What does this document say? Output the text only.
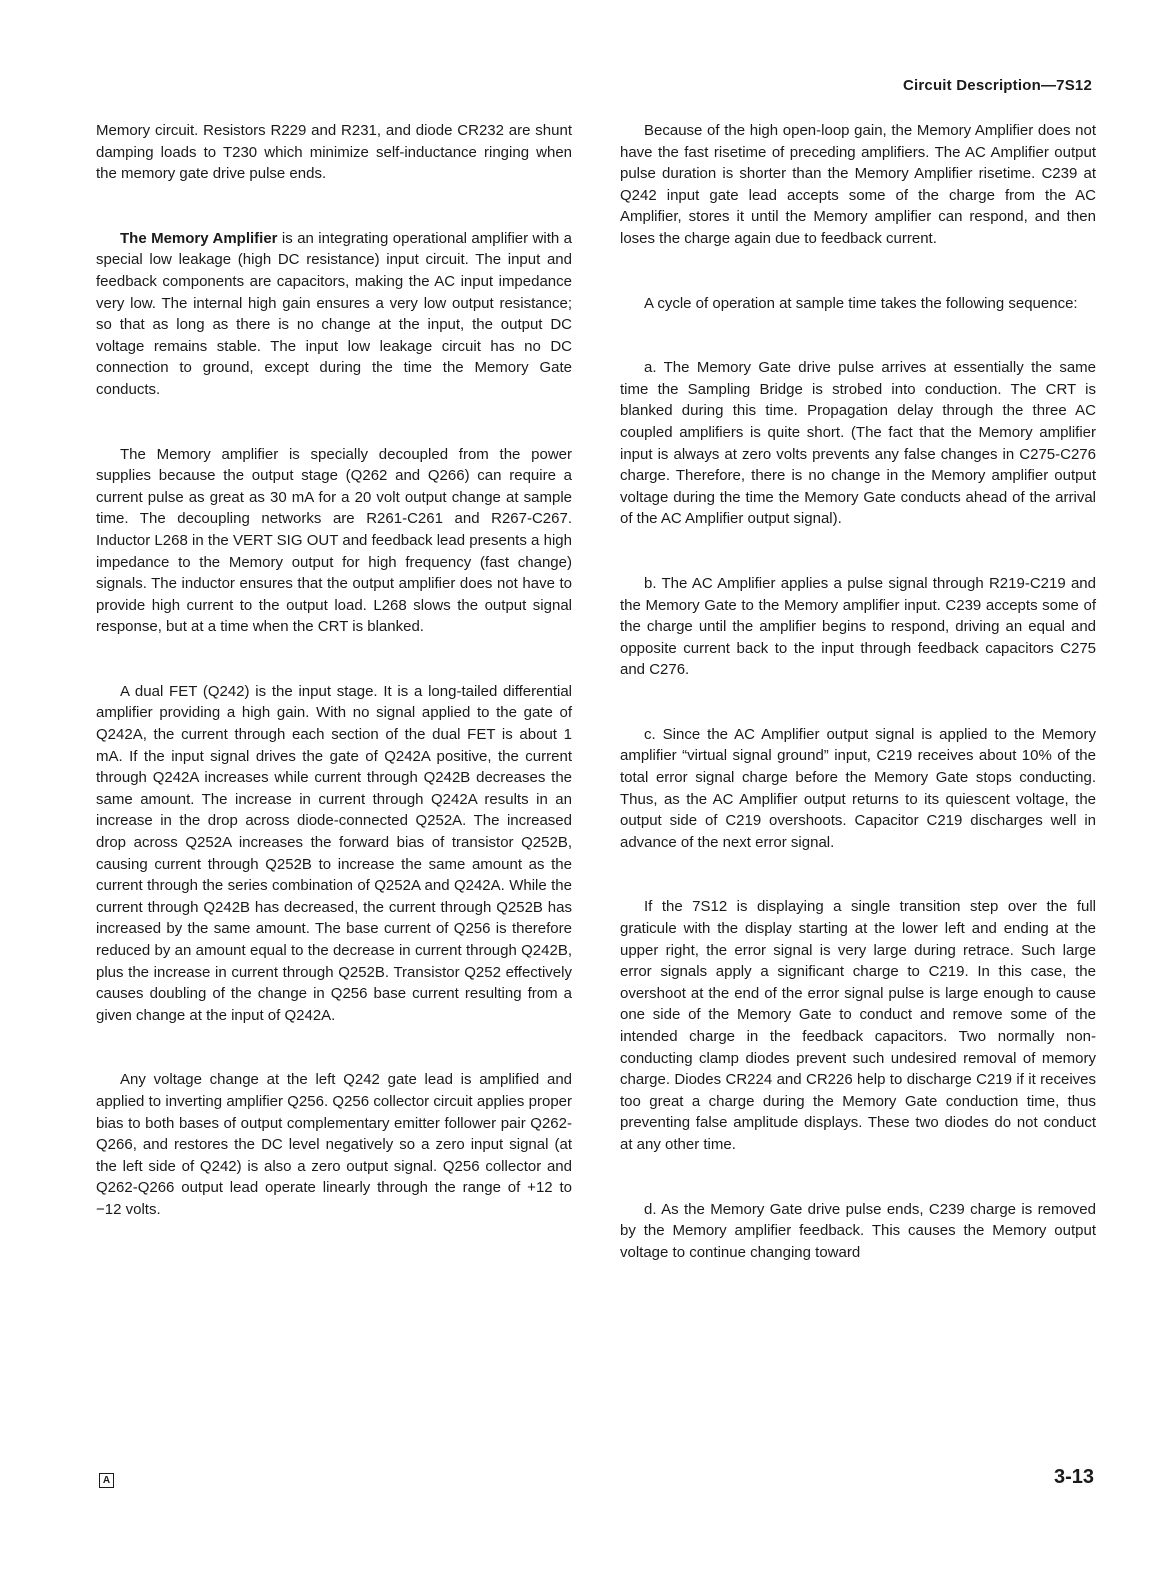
Circuit Description—7S12

Memory circuit. Resistors R229 and R231, and diode CR232 are shunt damping loads to T230 which minimize self-inductance ringing when the memory gate drive pulse ends.

The Memory Amplifier is an integrating operational amplifier with a special low leakage (high DC resistance) input circuit. The input and feedback components are capacitors, making the AC input impedance very low. The internal high gain ensures a very low output resistance; so that as long as there is no change at the input, the output DC voltage remains stable. The input low leakage circuit has no DC connection to ground, except during the time the Memory Gate conducts.

The Memory amplifier is specially decoupled from the power supplies because the output stage (Q262 and Q266) can require a current pulse as great as 30 mA for a 20 volt output change at sample time. The decoupling networks are R261-C261 and R267-C267. Inductor L268 in the VERT SIG OUT and feedback lead presents a high impedance to the Memory output for high frequency (fast change) signals. The inductor ensures that the output amplifier does not have to provide high current to the output load. L268 slows the output signal response, but at a time when the CRT is blanked.

A dual FET (Q242) is the input stage. It is a long-tailed differential amplifier providing a high gain. With no signal applied to the gate of Q242A, the current through each section of the dual FET is about 1 mA. If the input signal drives the gate of Q242A positive, the current through Q242A increases while current through Q242B decreases the same amount. The increase in current through Q242A results in an increase in the drop across diode-connected Q252A. The increased drop across Q252A increases the forward bias of transistor Q252B, causing current through Q252B to increase the same amount as the current through the series combination of Q252A and Q242A. While the current through Q242B has decreased, the current through Q252B has increased by the same amount. The base current of Q256 is therefore reduced by an amount equal to the decrease in current through Q242B, plus the increase in current through Q252B. Transistor Q252 effectively causes doubling of the change in Q256 base current resulting from a given change at the input of Q242A.

Any voltage change at the left Q242 gate lead is amplified and applied to inverting amplifier Q256. Q256 collector circuit applies proper bias to both bases of output complementary emitter follower pair Q262-Q266, and restores the DC level negatively so a zero input signal (at the left side of Q242) is also a zero output signal. Q256 collector and Q262-Q266 output lead operate linearly through the range of +12 to −12 volts.

Because of the high open-loop gain, the Memory Amplifier does not have the fast risetime of preceding amplifiers. The AC Amplifier output pulse duration is shorter than the Memory Amplifier risetime. C239 at Q242 input gate lead accepts some of the charge from the AC Amplifier, stores it until the Memory amplifier can respond, and then loses the charge again due to feedback current.

A cycle of operation at sample time takes the following sequence:

a. The Memory Gate drive pulse arrives at essentially the same time the Sampling Bridge is strobed into conduction. The CRT is blanked during this time. Propagation delay through the three AC coupled amplifiers is quite short. (The fact that the Memory amplifier input is always at zero volts prevents any false changes in C275-C276 charge. Therefore, there is no change in the Memory amplifier output voltage during the time the Memory Gate conducts ahead of the arrival of the AC Amplifier output signal).

b. The AC Amplifier applies a pulse signal through R219-C219 and the Memory Gate to the Memory amplifier input. C239 accepts some of the charge until the amplifier begins to respond, driving an equal and opposite current back to the input through feedback capacitors C275 and C276.

c. Since the AC Amplifier output signal is applied to the Memory amplifier “virtual signal ground” input, C219 receives about 10% of the total error signal charge before the Memory Gate stops conducting. Thus, as the AC Amplifier output returns to its quiescent voltage, the output side of C219 overshoots. Capacitor C219 discharges well in advance of the next error signal.

If the 7S12 is displaying a single transition step over the full graticule with the display starting at the lower left and ending at the upper right, the error signal is very large during retrace. Such large error signals apply a significant charge to C219. In this case, the overshoot at the end of the error signal pulse is large enough to cause one side of the Memory Gate to conduct and remove some of the intended charge in the feedback capacitors. Two normally non-conducting clamp diodes prevent such undesired removal of memory charge. Diodes CR224 and CR226 help to discharge C219 if it receives too great a charge during the Memory Gate conduction time, thus preventing false amplitude displays. These two diodes do not conduct at any other time.

d. As the Memory Gate drive pulse ends, C239 charge is removed by the Memory amplifier feedback. This causes the Memory output voltage to continue changing toward

A	3-13
